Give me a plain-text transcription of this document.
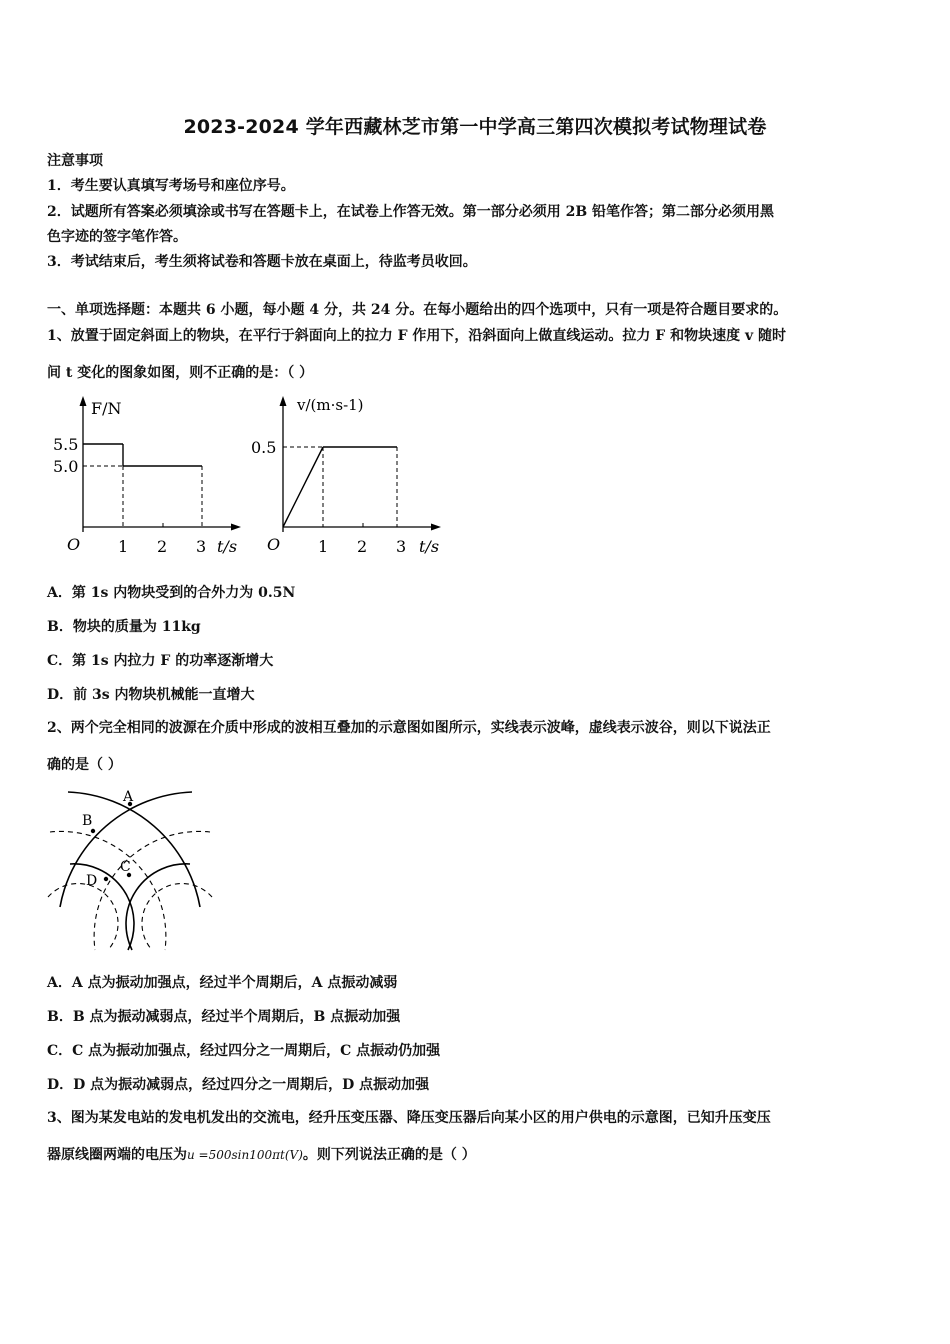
2023-2024 学年西藏林芝市第一中学高三第四次模拟考试物理试卷
注意事项
1．考生要认真填写考场号和座位序号。
2．试题所有答案必须填涂或书写在答题卡上，在试卷上作答无效。第一部分必须用 2B 铅笔作答；第二部分必须用黑
色字迹的签字笔作答。
3．考试结束后，考生须将试卷和答题卡放在桌面上，待监考员收回。
一、单项选择题：本题共 6 小题，每小题 4 分，共 24 分。在每小题给出的四个选项中，只有一项是符合题目要求的。
1、放置于固定斜面上的物块，在平行于斜面向上的拉力 F 作用下，沿斜面向上做直线运动。拉力 F 和物块速度 v 随时
间 t 变化的图象如图，则不正确的是：（ ）
F/N
5.5
5.0
O 1 2 3 t/s
v/(m·s-1)
0.5
O 1 2 3 t/s
A．第 1s 内物块受到的合外力为 0.5N
B．物块的质量为 11kg
C．第 1s 内拉力 F 的功率逐渐增大
D．前 3s 内物块机械能一直增大
2、两个完全相同的波源在介质中形成的波相互叠加的示意图如图所示，实线表示波峰，虚线表示波谷，则以下说法正
确的是（ ）
A
B
C
D
A．A 点为振动加强点，经过半个周期后，A 点振动减弱
B．B 点为振动减弱点，经过半个周期后，B 点振动加强
C．C 点为振动加强点，经过四分之一周期后，C 点振动仍加强
D．D 点为振动减弱点，经过四分之一周期后，D 点振动加强
3、图为某发电站的发电机发出的交流电，经升压变压器、降压变压器后向某小区的用户供电的示意图，已知升压变压
器原线圈两端的电压为u =500sin100πt(V)。则下列说法正确的是（ ）
